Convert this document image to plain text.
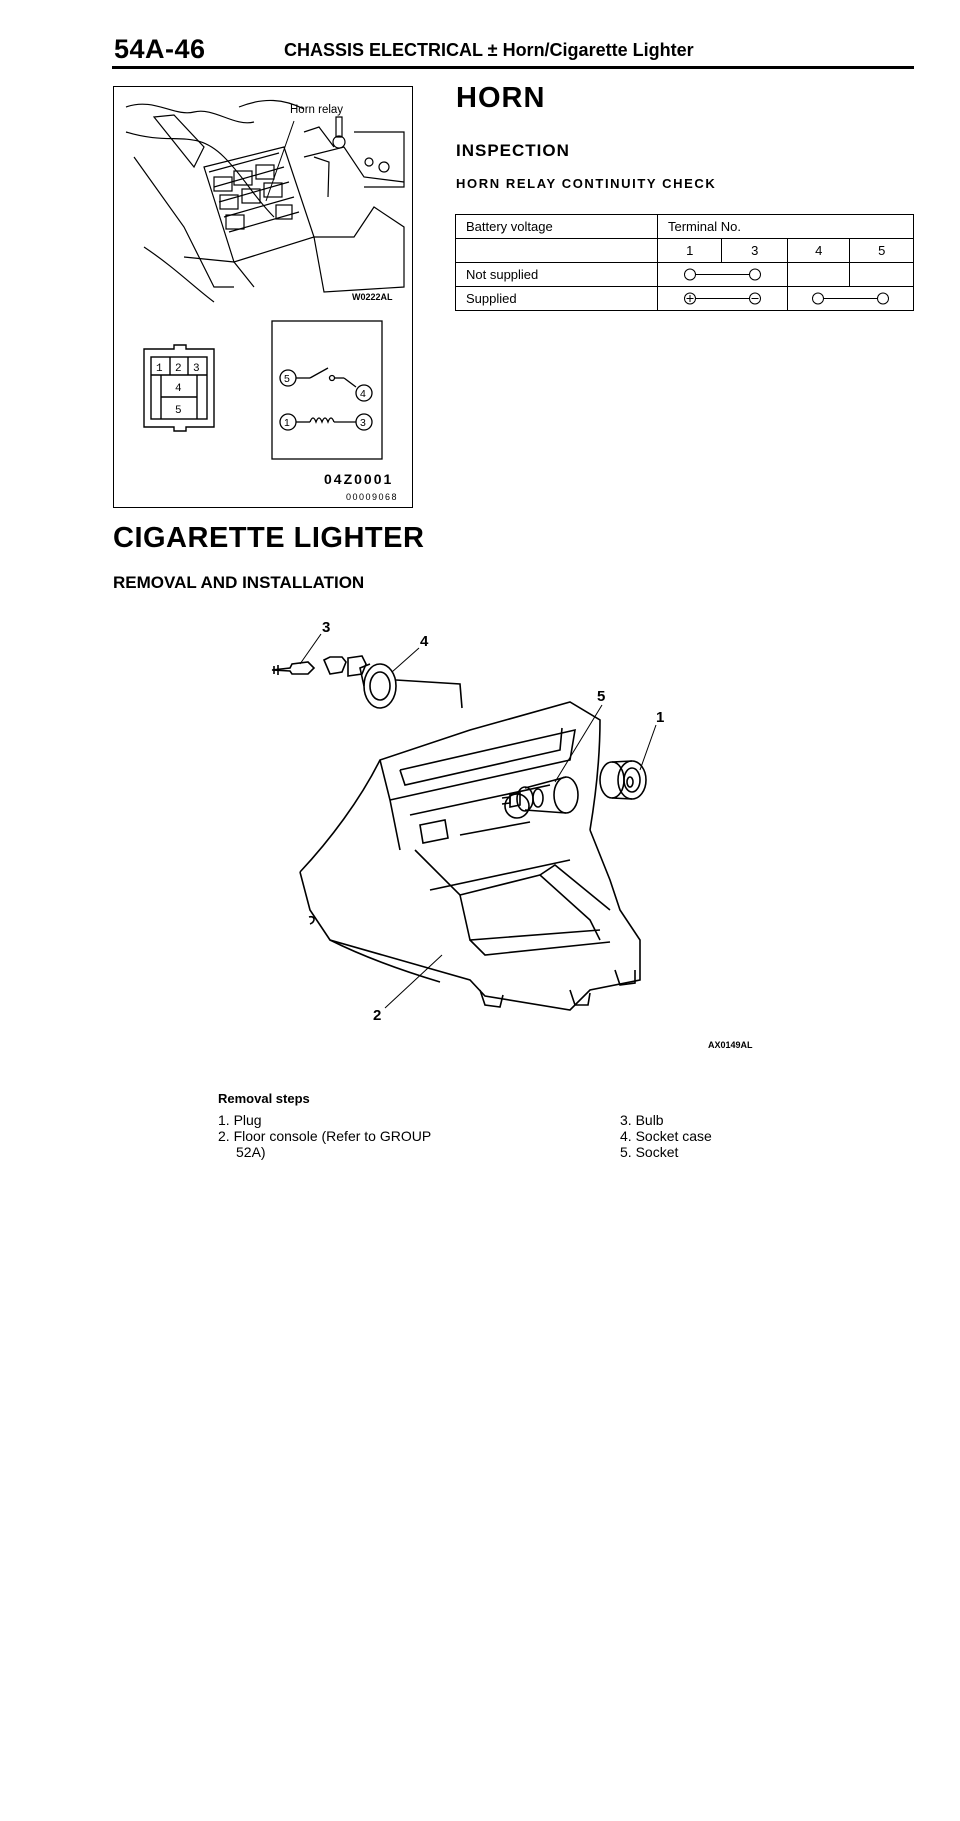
54A-46	CHASSIS ELECTRICAL ± Horn/Cigarette Lighter
Horn relay
W0222AL
1 2 3
4
5
5
4
1	3
04Z0001
00009068
HORN
INSPECTION
HORN RELAY CONTINUITY CHECK
Battery voltage	Terminal No.			
	1	3	4	5
Not supplied	

Supplied	

CIGARETTE LIGHTER
REMOVAL AND INSTALLATION
3
4
5
1
2
AX0149AL
Removal steps
1. Plug
2. Floor console (Refer to GROUP
52A)
3. Bulb
4. Socket case
5. Socket
